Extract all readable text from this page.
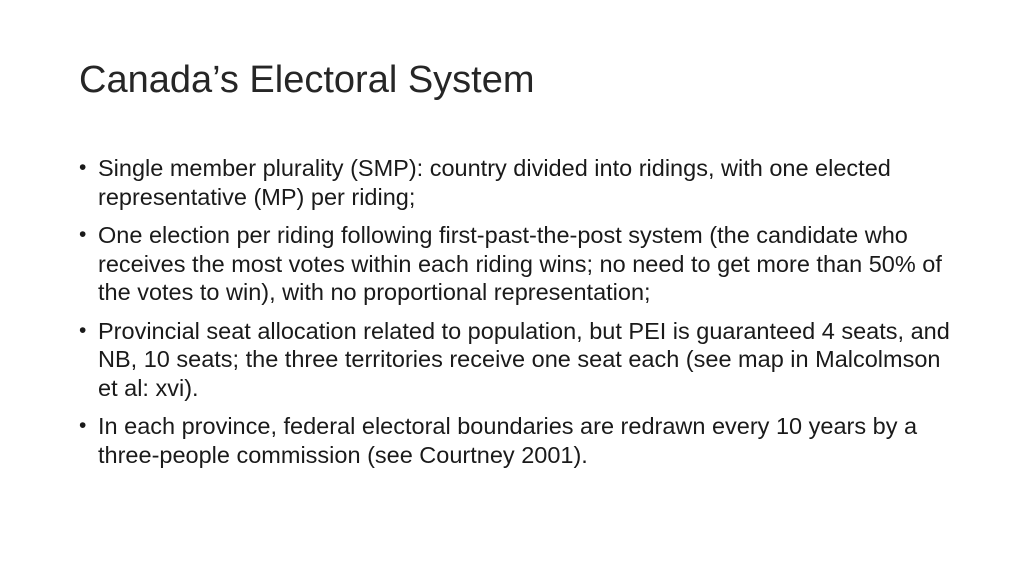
Canada’s Electoral System
• Single member plurality (SMP): country divided into ridings, with one elected representative (MP) per riding;
• One election per riding following first-past-the-post system (the candidate who receives the most votes within each riding wins; no need to get more than 50% of the votes to win), with no proportional representation;
• Provincial seat allocation related to population, but PEI is guaranteed 4 seats, and NB, 10 seats; the three territories receive one seat each (see map in Malcolmson et al: xvi).
• In each province, federal electoral boundaries are redrawn every 10 years by a three-people commission (see Courtney 2001).
